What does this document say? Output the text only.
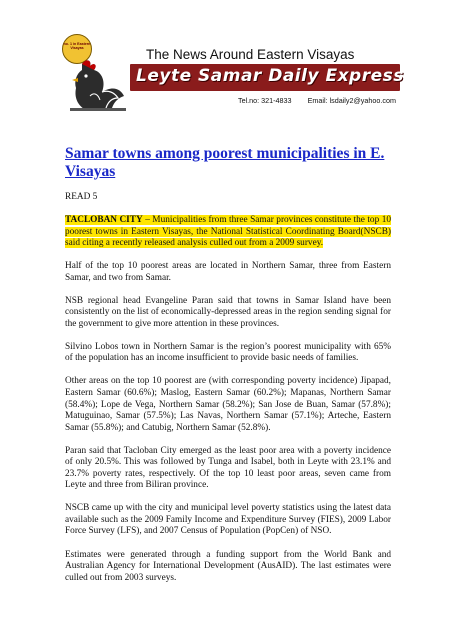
no. 1 in Eastern Visayas	The News Around Eastern Visayas
Leyte Samar Daily Express
Tel.no: 321-4833 Email: lsdaily2@yahoo.com
Samar towns among poorest municipalities in E. Visayas
READ 5

TACLOBAN CITY – Municipalities from three Samar provinces constitute the top 10 poorest towns in Eastern Visayas, the National Statistical Coordinating Board(NSCB) said citing a recently released analysis culled out from a 2009 survey.

Half of the top 10 poorest areas are located in Northern Samar, three from Eastern Samar, and two from Samar.

NSB regional head Evangeline Paran said that towns in Samar Island have been consistently on the list of economically-depressed areas in the region sending signal for the government to give more attention in these provinces.

Silvino Lobos town in Northern Samar is the region’s poorest municipality with 65% of the population has an income insufficient to provide basic needs of families.

Other areas on the top 10 poorest are (with corresponding poverty incidence) Jipapad, Eastern Samar (60.6%); Maslog, Eastern Samar (60.2%); Mapanas, Northern Samar (58.4%); Lope de Vega, Northern Samar (58.2%); San Jose de Buan, Samar (57.8%); Matuguinao, Samar (57.5%); Las Navas, Northern Samar (57.1%); Arteche, Eastern Samar (55.8%); and Catubig, Northern Samar (52.8%).

Paran said that Tacloban City emerged as the least poor area with a poverty incidence of only 20.5%. This was followed by Tunga and Isabel, both in Leyte with 23.1% and 23.7% poverty rates, respectively. Of the top 10 least poor areas, seven came from Leyte and three from Biliran province.

NSCB came up with the city and municipal level poverty statistics using the latest data available such as the 2009 Family Income and Expenditure Survey (FIES), 2009 Labor Force Survey (LFS), and 2007 Census of Population (PopCen) of NSO.

Estimates were generated through a funding support from the World Bank and Australian Agency for International Development (AusAID). The last estimates were culled out from 2003 surveys.
